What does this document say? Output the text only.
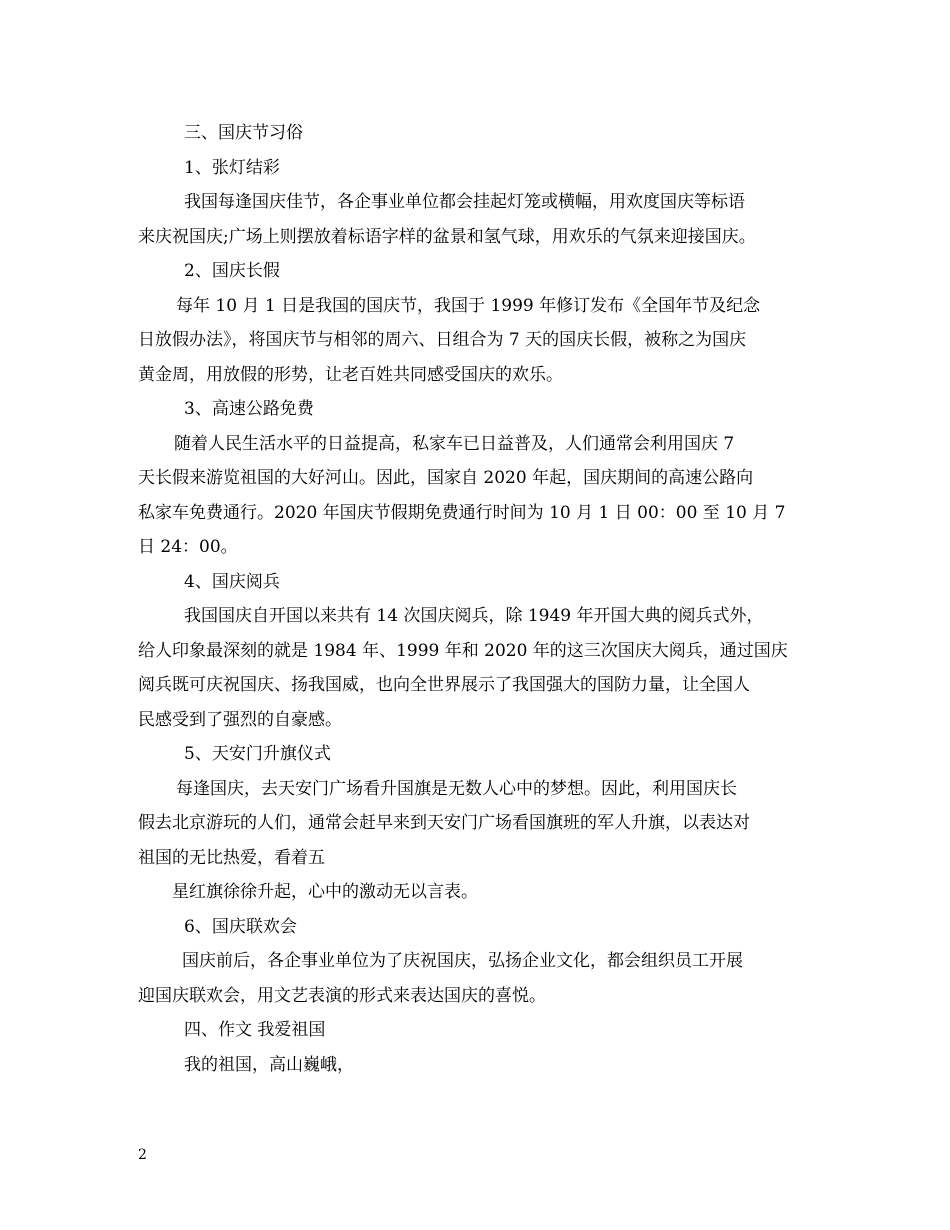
三、国庆节习俗
1、张灯结彩
我国每逢国庆佳节，各企事业单位都会挂起灯笼或横幅，用欢度国庆等标语
来庆祝国庆;广场上则摆放着标语字样的盆景和氢气球，用欢乐的气氛来迎接国庆。
2、国庆长假
每年 10 月 1 日是我国的国庆节，我国于 1999 年修订发布《全国年节及纪念
日放假办法》，将国庆节与相邻的周六、日组合为 7 天的国庆长假，被称之为国庆
黄金周，用放假的形势，让老百姓共同感受国庆的欢乐。
3、高速公路免费
随着人民生活水平的日益提高，私家车已日益普及，人们通常会利用国庆 7
天长假来游览祖国的大好河山。因此，国家自 2020 年起，国庆期间的高速公路向
私家车免费通行。2020 年国庆节假期免费通行时间为 10 月 1 日 00：00 至 10 月 7
日 24：00。
4、国庆阅兵
我国国庆自开国以来共有 14 次国庆阅兵，除 1949 年开国大典的阅兵式外，
给人印象最深刻的就是 1984 年、1999 年和 2020 年的这三次国庆大阅兵，通过国庆
阅兵既可庆祝国庆、扬我国威，也向全世界展示了我国强大的国防力量，让全国人
民感受到了强烈的自豪感。
5、天安门升旗仪式
每逢国庆，去天安门广场看升国旗是无数人心中的梦想。因此，利用国庆长
假去北京游玩的人们，通常会赶早来到天安门广场看国旗班的军人升旗，以表达对
祖国的无比热爱，看着五
星红旗徐徐升起，心中的激动无以言表。
6、国庆联欢会
国庆前后，各企事业单位为了庆祝国庆，弘扬企业文化，都会组织员工开展
迎国庆联欢会，用文艺表演的形式来表达国庆的喜悦。
四、作文 我爱祖国
我的祖国，高山巍峨，
2
